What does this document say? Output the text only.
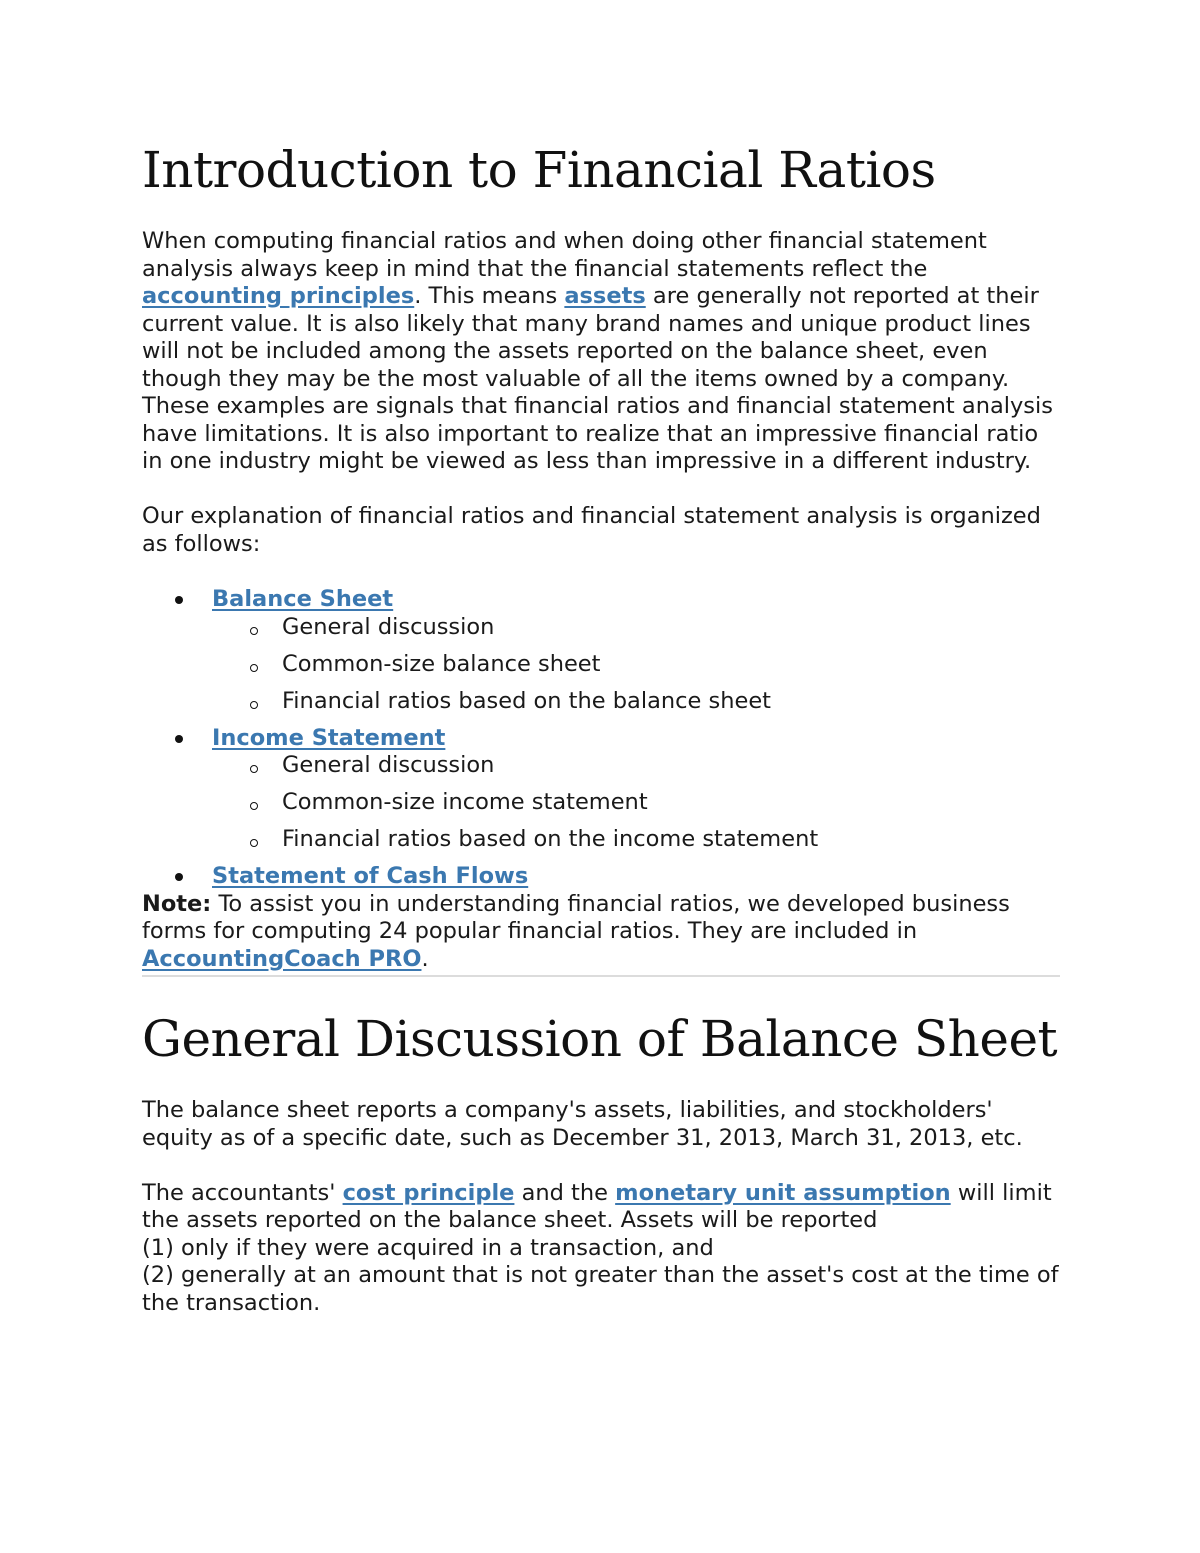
Introduction to Financial Ratios

When computing financial ratios and when doing other financial statement analysis always keep in mind that the financial statements reflect the accounting principles. This means assets are generally not reported at their current value. It is also likely that many brand names and unique product lines will not be included among the assets reported on the balance sheet, even though they may be the most valuable of all the items owned by a company.

These examples are signals that financial ratios and financial statement analysis have limitations. It is also important to realize that an impressive financial ratio in one industry might be viewed as less than impressive in a different industry.

Our explanation of financial ratios and financial statement analysis is organized as follows:

Balance Sheet
General discussion
Common-size balance sheet
Financial ratios based on the balance sheet
Income Statement
General discussion
Common-size income statement
Financial ratios based on the income statement
Statement of Cash Flows

Note: To assist you in understanding financial ratios, we developed business forms for computing 24 popular financial ratios. They are included in AccountingCoach PRO.

General Discussion of Balance Sheet

The balance sheet reports a company's assets, liabilities, and stockholders' equity as of a specific date, such as December 31, 2013, March 31, 2013, etc.

The accountants' cost principle and the monetary unit assumption will limit the assets reported on the balance sheet. Assets will be reported

(1) only if they were acquired in a transaction, and

(2) generally at an amount that is not greater than the asset's cost at the time of the transaction.
